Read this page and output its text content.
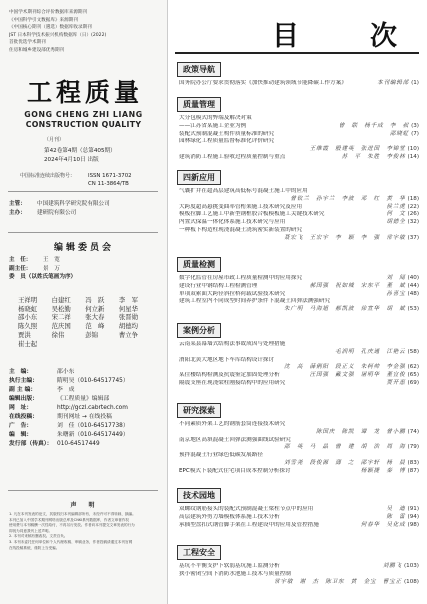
中国学术期刊综合评价数据库来源期刊
《中国科学引文数据库》来源期刊
《中国核心期刊（遴选）数据库收录期刊
JST 日本科学技术振兴机构数据库（日）(2022)
首批优选学术期刊
住房和城乡建设部优秀期刊
工程质量
GONG CHENG ZHI LIANG
CONSTRUCTION QUALITY
（月刊）
第42卷第4期（总第405期）
2024年4月10日 出版
中国标准连续出版物号：	ISSN 1671-3702
CN 11-3864/TB
主管：	中国建筑科学研究院有限公司
主办：	建研院有限公司
编辑委员会
主　任：	王　宽
副主任：	景　万
委　员（以姓氏笔画为序）
王祥明 白建红 冯　跃 李　军
杨晓虹 吴松勤 何立新 何星华
邵小东 宋二祥 张大春 张晋勋
陈久照 范庆国 范　峰 胡德均
贾洪	徐伟	彭锦	曹立争
崔士起
主　编：	邵小东
执行主编：	隋明昊（010-64517745）
副 主 编：	李　成
编辑出版：	《工程质量》编辑部
网　址：	http://gczl.cabrtech.com
在线投稿：	期刊网址 → 在线投稿
广　告：	刘　佳（010-64517738）
编　辑：	朱曙新（010-64517449）
发行部（传真）： 010-64517449
声　明
1. 凡在本刊发表的论文，其版权归本刊编辑部所有，未经许可不得转载、摘编。
本刊已加入中国学术期刊网络出版总库及CNKI系列数据库，作者文章著作权
使用费与本刊稿酬一次性给付，不再另行发放。作者向本刊提交文章发表的行为
即视为同意我刊上述声明。
2. 本刊对来稿有删改权。文责自负。
3. 本刊未委托任何单位和个人代理收稿、审稿业务，作者投稿请通过本刊官网
在线投稿系统，谨防上当受骗。
目　次
政策导航
国务院办公厅要求贯彻落实《加快推动建筑领域节能降碳工作方案》	本刊编辑部 (1)
质量管理
大分包模式的弊端及解决对策
——江苏省某施工企业为例	曾　联　杨千成　李　叔 (3)
装配式预制混凝土构件质量标准的研究	邵晓虹 (7)
园林绿化工程质量监督标准化评价研究
王维霞　殷建英　张进国　李锦堂 (10)
建筑消防工程施工验收过程质量控制与重点	苏　平　朱胜　李俊林 (14)
四新应用
气囊扩井在超高层建筑高低标号混凝土施工中的应用
曾钦兰　孙宇兰　李波　邓　红　黄　华 (18)
大跨度超高悬挑变曲率管桁架施工技术研究及应用	侯兰虎 (22)
模板拉脚工艺施工中新型钢框胶合板模板施工关键技术研究	何　文 (26)
内置式保温一体化体系施工技术研究与应用	胡德全 (32)
一种板下构造柱现浇混凝土浇筑密实新装置的研究
聂宏飞　王宏宇　李　颖　李　强　常宇敏 (37)
质量检测
数字化监管在房屋市政工程质量检测中的应用探究	刘　闻 (40)
建设行业中钢结构工程检测管理	郝国强　祝如城　宋东平　董　斌 (44)
单项双索面大跨径斜拉桥荷载试验技术研究	孙喜宝 (48)
建筑工程室内不同成型时间养护条件下混凝土回弹法测强研究
朱广明　马海旭　郝凯波　徐宣华　胡　斌 (53)
案例分析
云南某县幕墙式结构法事故成因与处理措施
毛润明　孔庆通　江艳云 (58)
渭阳北黄大地区地下车库结构设计探讨
沈　高　薛俐阳　段正义　朱柯帅　李金强 (62)
某住楼结构检测及抗震鉴定加固处理分析	汪国强　戴文强　屠明华　董宜俊 (65)
隔震支座在现浇梁柱刚接结构中的应用研究	贾开惠 (69)
研究探索
不同素质外架工艺的钢筋套筒连接技术研究
陈国庆　陈凯　谭　龙　曾小鹏 (74)
南京地区高填混凝土回弹法测强曲线试验研究
邵　英　马　晶　曾　建　胡　浩　周　海 (79)
预拌混凝土行业绿色低碳发展路径
刘雪尧　段俊源　薄　之　邵宇轩　杨　晨 (83)
EPC模式下装配式住宅项目成本控制分析探讨	杨颖捷　秦　博 (87)
技术园地
双螺纹钢筋接头的装配式预制混凝土梁柱节点中的应用	吴　迪 (91)
高层建筑外剪力墙模板体系施工技术分析	陈　雷 (94)
承插型盘扣式钢管脚手架在工程建设中的应用及管控措施	何春华　吴化成 (98)
工程安全
基坑不平衡支护下软弱基坑施工监测分析	刘鹏飞 (103)
狭小密闭空间下消防水池施工技术与质量控制
常宇敏　谢　杰　陈卫东　黄　金宝　曹宝正 (108)
